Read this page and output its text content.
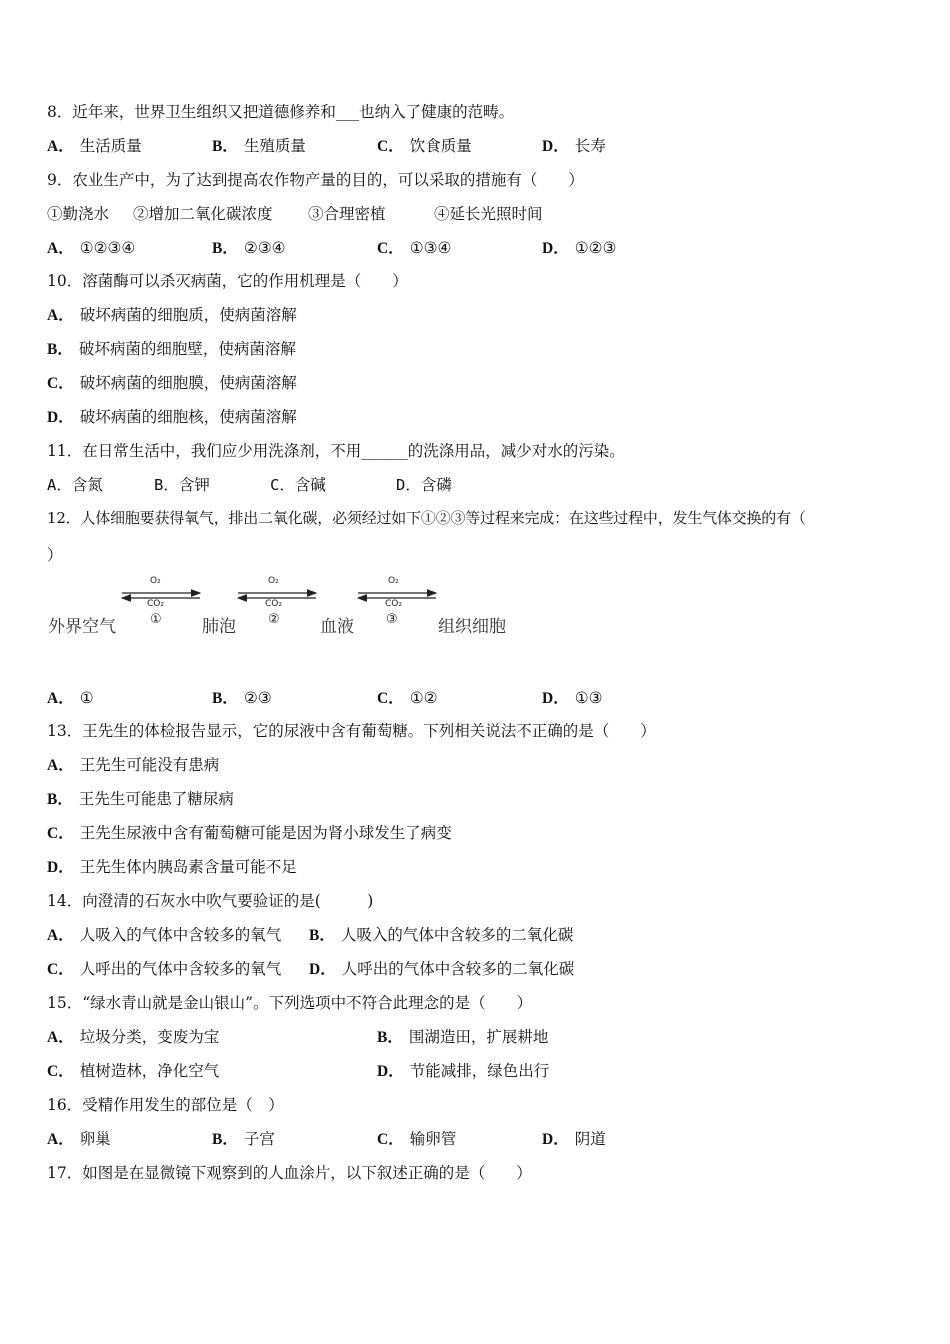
8．近年来，世界卫生组织又把道德修养和___也纳入了健康的范畴。
A． 生活质量	B． 生殖质量	C． 饮食质量	D． 长寿
9．农业生产中，为了达到提高农作物产量的目的，可以采取的措施有（　　）
①勤浇水 ②增加二氧化碳浓度 ③合理密植	④延长光照时间
A． ①②③④	B． ②③④	C． ①③④	D． ①②③
10．溶菌酶可以杀灭病菌，它的作用机理是（　　）
A． 破坏病菌的细胞质，使病菌溶解
B． 破坏病菌的细胞壁，使病菌溶解
C． 破坏病菌的细胞膜，使病菌溶解
D． 破坏病菌的细胞核，使病菌溶解
11．在日常生活中，我们应少用洗涤剂，不用______的洗涤用品，减少对水的污染。
A．含氮	B．含钾	C．含碱	D．含磷
12．人体细胞要获得氧气，排出二氧化碳，必须经过如下①②③等过程来完成：在这些过程中，发生气体交换的有（
）
O₂
CO₂
O₂
CO₂
O₂
CO₂
①	②	③
外界空气	肺泡	血液	组织细胞
A． ①	B． ②③	C． ①②	D． ①③
13．王先生的体检报告显示，它的尿液中含有葡萄糖。下列相关说法不正确的是（　　）
A． 王先生可能没有患病
B． 王先生可能患了糖尿病
C． 王先生尿液中含有葡萄糖可能是因为肾小球发生了病变
D． 王先生体内胰岛素含量可能不足
14．向澄清的石灰水中吹气要验证的是(　　　)
A． 人吸入的气体中含较多的氧气 B． 人吸入的气体中含较多的二氧化碳
C． 人呼出的气体中含较多的氧气 D． 人呼出的气体中含较多的二氧化碳
15．“绿水青山就是金山银山”。下列选项中不符合此理念的是（　　）
A． 垃圾分类，变废为宝	B． 围湖造田，扩展耕地
C． 植树造林，净化空气	D． 节能减排，绿色出行
16．受精作用发生的部位是（　）
A． 卵巢	B． 子宫	C． 输卵管	D． 阴道
17．如图是在显微镜下观察到的人血涂片，以下叙述正确的是（　　）
